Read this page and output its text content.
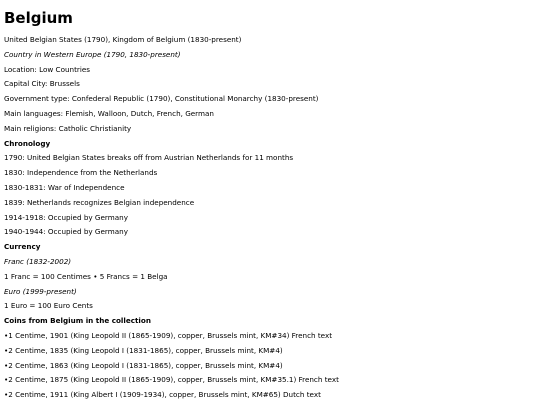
Belgium

United Belgian States (1790), Kingdom of Belgium (1830-present)

Country in Western Europe (1790, 1830-present)

Location: Low Countries

Capital City: Brussels

Government type: Confederal Republic (1790), Constitutional Monarchy (1830-present)

Main languages: Flemish, Walloon, Dutch, French, German

Main religions: Catholic Christianity

Chronology

1790: United Belgian States breaks off from Austrian Netherlands for 11 months

1830: Independence from the Netherlands

1830-1831: War of Independence

1839: Netherlands recognizes Belgian independence

1914-1918: Occupied by Germany

1940-1944: Occupied by Germany

Currency

Franc (1832-2002)

1 Franc = 100 Centimes • 5 Francs = 1 Belga

Euro (1999-present)

1 Euro = 100 Euro Cents

Coins from Belgium in the collection

•1 Centime, 1901 (King Leopold II (1865-1909), copper, Brussels mint, KM#34) French text

•2 Centime, 1835 (King Leopold I (1831-1865), copper, Brussels mint, KM#4)

•2 Centime, 1863 (King Leopold I (1831-1865), copper, Brussels mint, KM#4)

•2 Centime, 1875 (King Leopold II (1865-1909), copper, Brussels mint, KM#35.1) French text

•2 Centime, 1911 (King Albert I (1909-1934), copper, Brussels mint, KM#65) Dutch text
